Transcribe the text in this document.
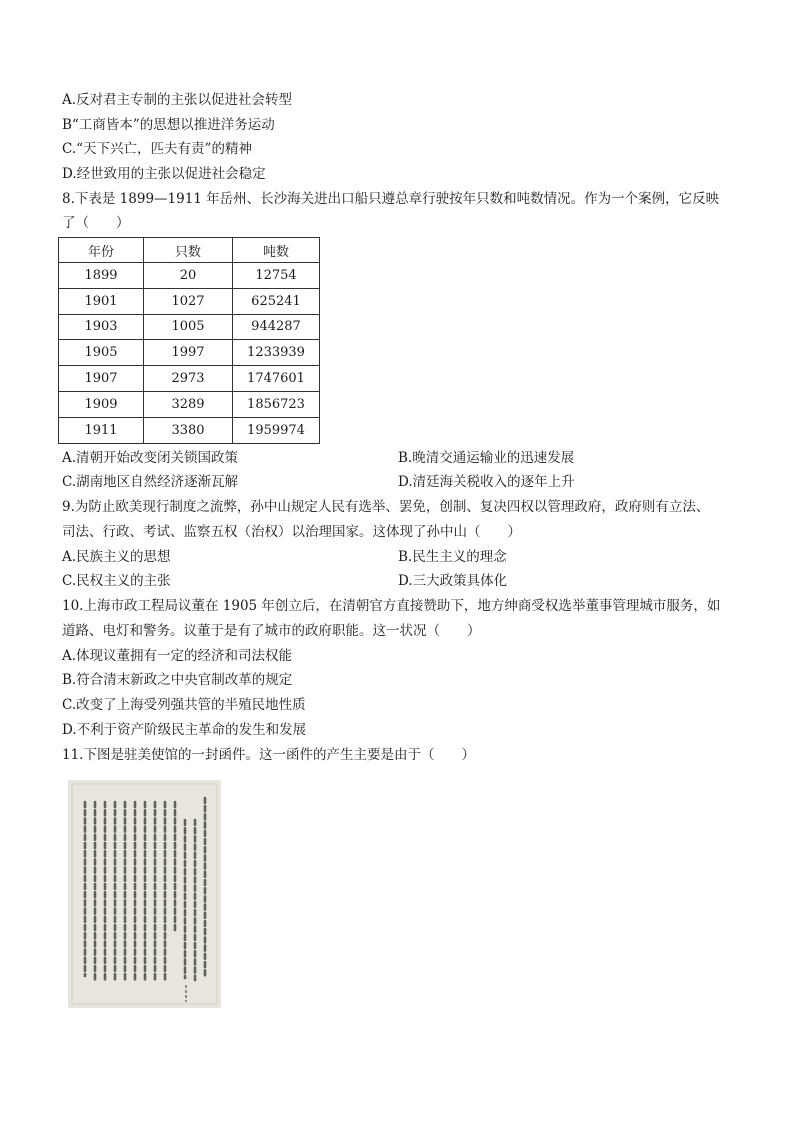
A.反对君主专制的主张以促进社会转型
B“工商皆本”的思想以推进洋务运动
C.“天下兴亡，匹夫有责”的精神
D.经世致用的主张以促进社会稳定
8.下表是 1899—1911 年岳州、长沙海关进出口船只遵总章行驶按年只数和吨数情况。作为一个案例，它反映
了（　　）
年份	只数	吨数
1899	20	12754
1901	1027	625241
1903	1005	944287
1905	1997	1233939
1907	2973	1747601
1909	3289	1856723
1911	3380	1959974
A.清朝开始改变闭关锁国政策	B.晚清交通运输业的迅速发展
C.湖南地区自然经济逐渐瓦解	D.清廷海关税收入的逐年上升
9.为防止欧美现行制度之流弊，孙中山规定人民有选举、罢免，创制、复决四权以管理政府，政府则有立法、
司法、行政、考试、监察五权（治权）以治理国家。这体现了孙中山（　　）
A.民族主义的思想	B.民生主义的理念
C.民权主义的主张	D.三大政策具体化
10.上海市政工程局议董在 1905 年创立后，在清朝官方直接赞助下，地方绅商受权选举董事管理城市服务，如
道路、电灯和警务。议董于是有了城市的政府职能。这一状况（　　）
A.体现议董拥有一定的经济和司法权能
B.符合清末新政之中央官制改革的规定
C.改变了上海受列强共管的半殖民地性质
D.不利于资产阶级民主革命的发生和发展
11.下图是驻美使馆的一封函件。这一函件的产生主要是由于（　　）
